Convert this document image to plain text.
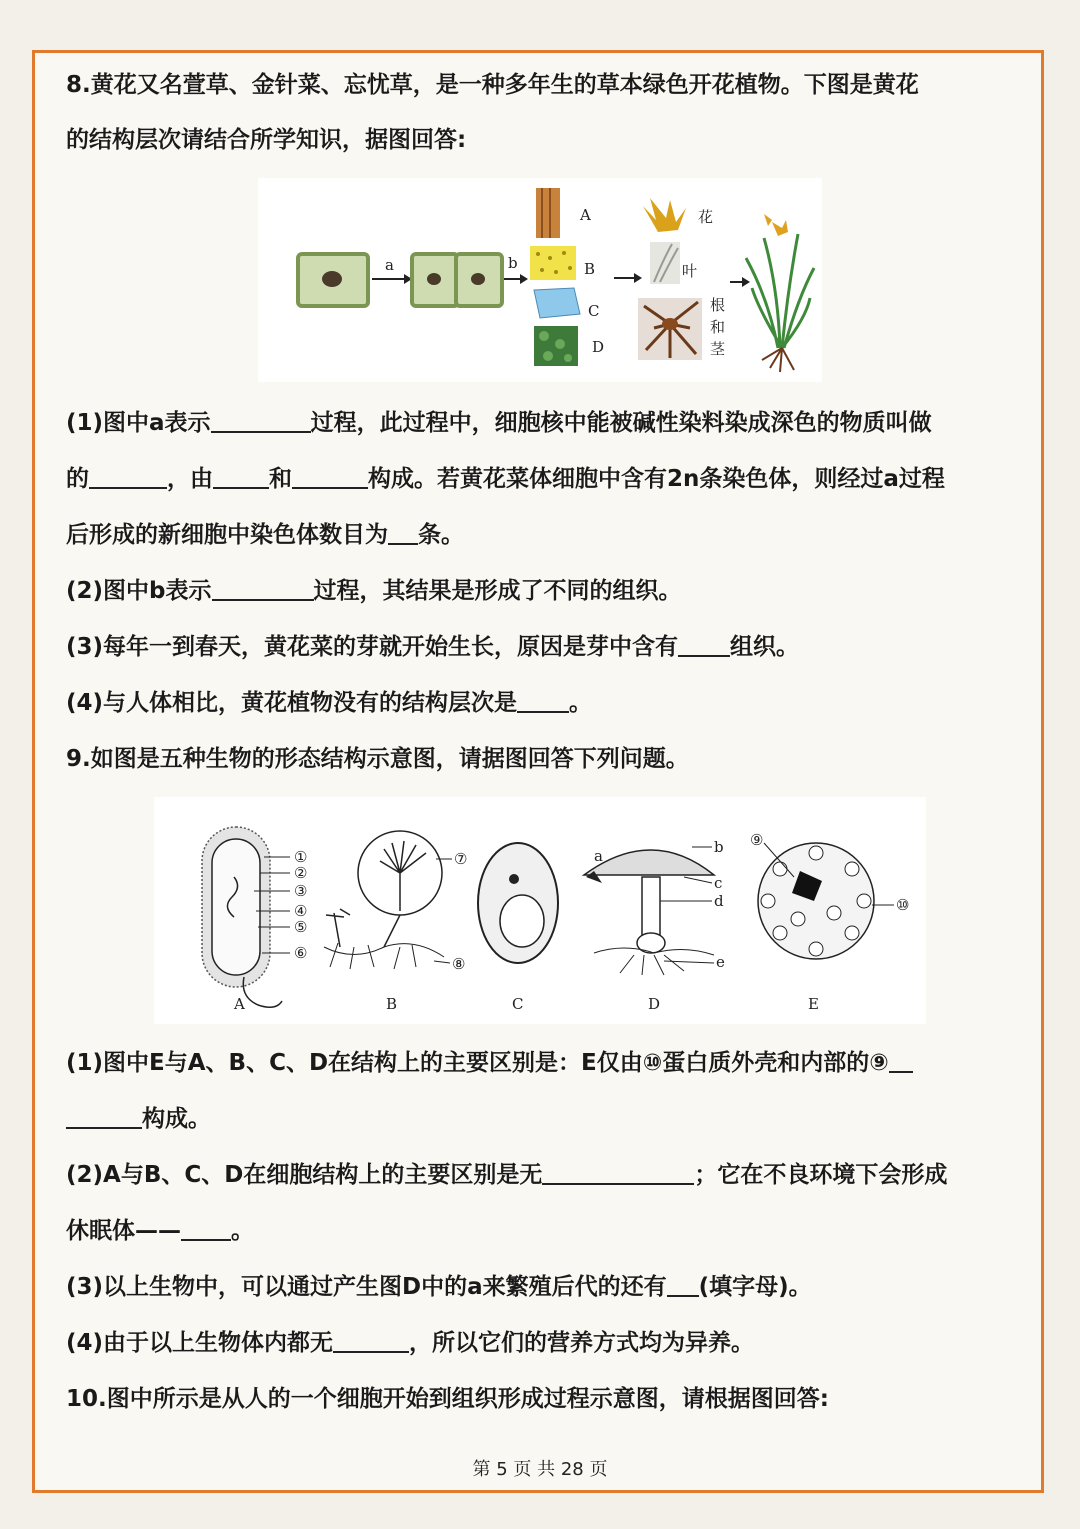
8.黄花又名萱草、金针菜、忘忧草，是一种多年生的草本绿色开花植物。下图是黄花
的结构层次请结合所学知识，据图回答:
a	b
A
B
C
D
花
叶
根
和
茎
(1)图中a表示	过程，此过程中，细胞核中能被碱性染料染成深色的物质叫做
的	，由 和	构成。若黄花菜体细胞中含有2n条染色体，则经过a过程
后形成的新细胞中染色体数目为 条。
(2)图中b表示	过程，其结果是形成了不同的组织。
(3)每年一到春天，黄花菜的芽就开始生长，原因是芽中含有 组织。
(4)与人体相比，黄花植物没有的结构层次是 。
9.如图是五种生物的形态结构示意图，请据图回答下列问题。
①
②
③
④
⑤
⑥
⑦
⑧
a	b
c
d
e
⑨
⑩
A	B	C	D	E
(1)图中E与A、B、C、D在结构上的主要区别是：E仅由⑩蛋白质外壳和内部的⑨
构成。
(2)A与B、C、D在细胞结构上的主要区别是无	；它在不良环境下会形成
休眠体—— 。
(3)以上生物中，可以通过产生图D中的a来繁殖后代的还有 (填字母)。
(4)由于以上生物体内都无	，所以它们的营养方式均为异养。
10.图中所示是从人的一个细胞开始到组织形成过程示意图，请根据图回答:
第 5 页 共 28 页
